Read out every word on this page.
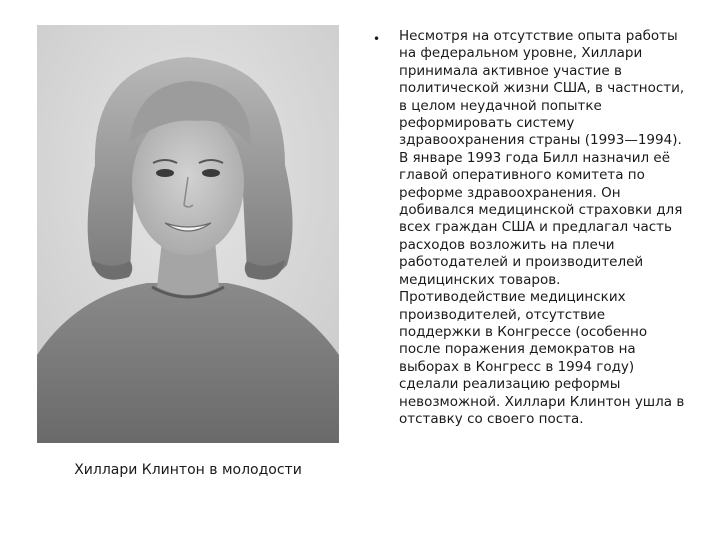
Хиллари Клинтон в молодости
• Несмотря на отсутствие опыта работы на федеральном уровне, Хиллари принимала активное участие в политической жизни США, в частности, в целом неудачной попытке реформировать систему здравоохранения страны (1993—1994). В январе 1993 года Билл назначил её главой оперативного комитета по реформе здравоохранения. Он добивался медицинской страховки для всех граждан США и предлагал часть расходов возложить на плечи работодателей и производителей медицинских товаров. Противодействие медицинских производителей, отсутствие поддержки в Конгрессе (особенно после поражения демократов на выборах в Конгресс в 1994 году) сделали реализацию реформы невозможной. Хиллари Клинтон ушла в отставку со своего поста.
